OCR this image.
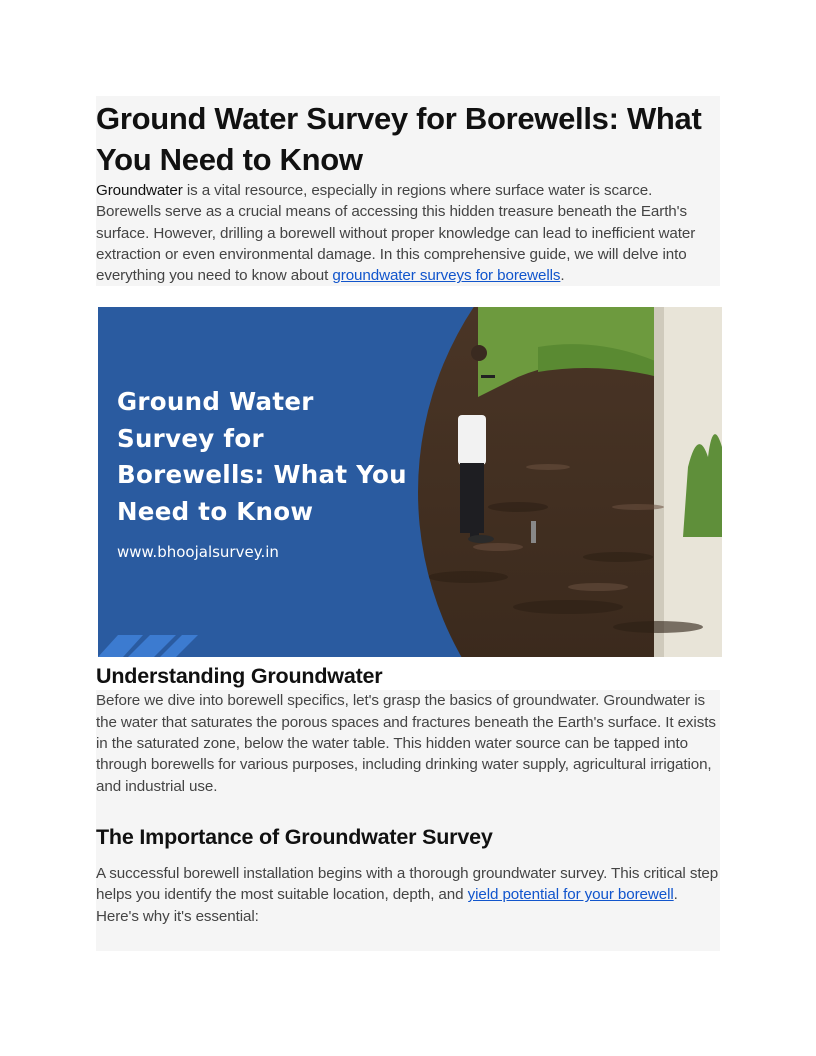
Ground Water Survey for Borewells: What You Need to Know

Groundwater is a vital resource, especially in regions where surface water is scarce. Borewells serve as a crucial means of accessing this hidden treasure beneath the Earth's surface. However, drilling a borewell without proper knowledge can lead to inefficient water extraction or even environmental damage. In this comprehensive guide, we will delve into everything you need to know about groundwater surveys for borewells.

Ground Water Survey for Borewells: What You Need to Know
www.bhoojalsurvey.in
Understanding Groundwater

Before we dive into borewell specifics, let's grasp the basics of groundwater. Groundwater is the water that saturates the porous spaces and fractures beneath the Earth's surface. It exists in the saturated zone, below the water table. This hidden water source can be tapped into through borewells for various purposes, including drinking water supply, agricultural irrigation, and industrial use.

The Importance of Groundwater Survey

A successful borewell installation begins with a thorough groundwater survey. This critical step helps you identify the most suitable location, depth, and yield potential for your borewell. Here's why it's essential:
